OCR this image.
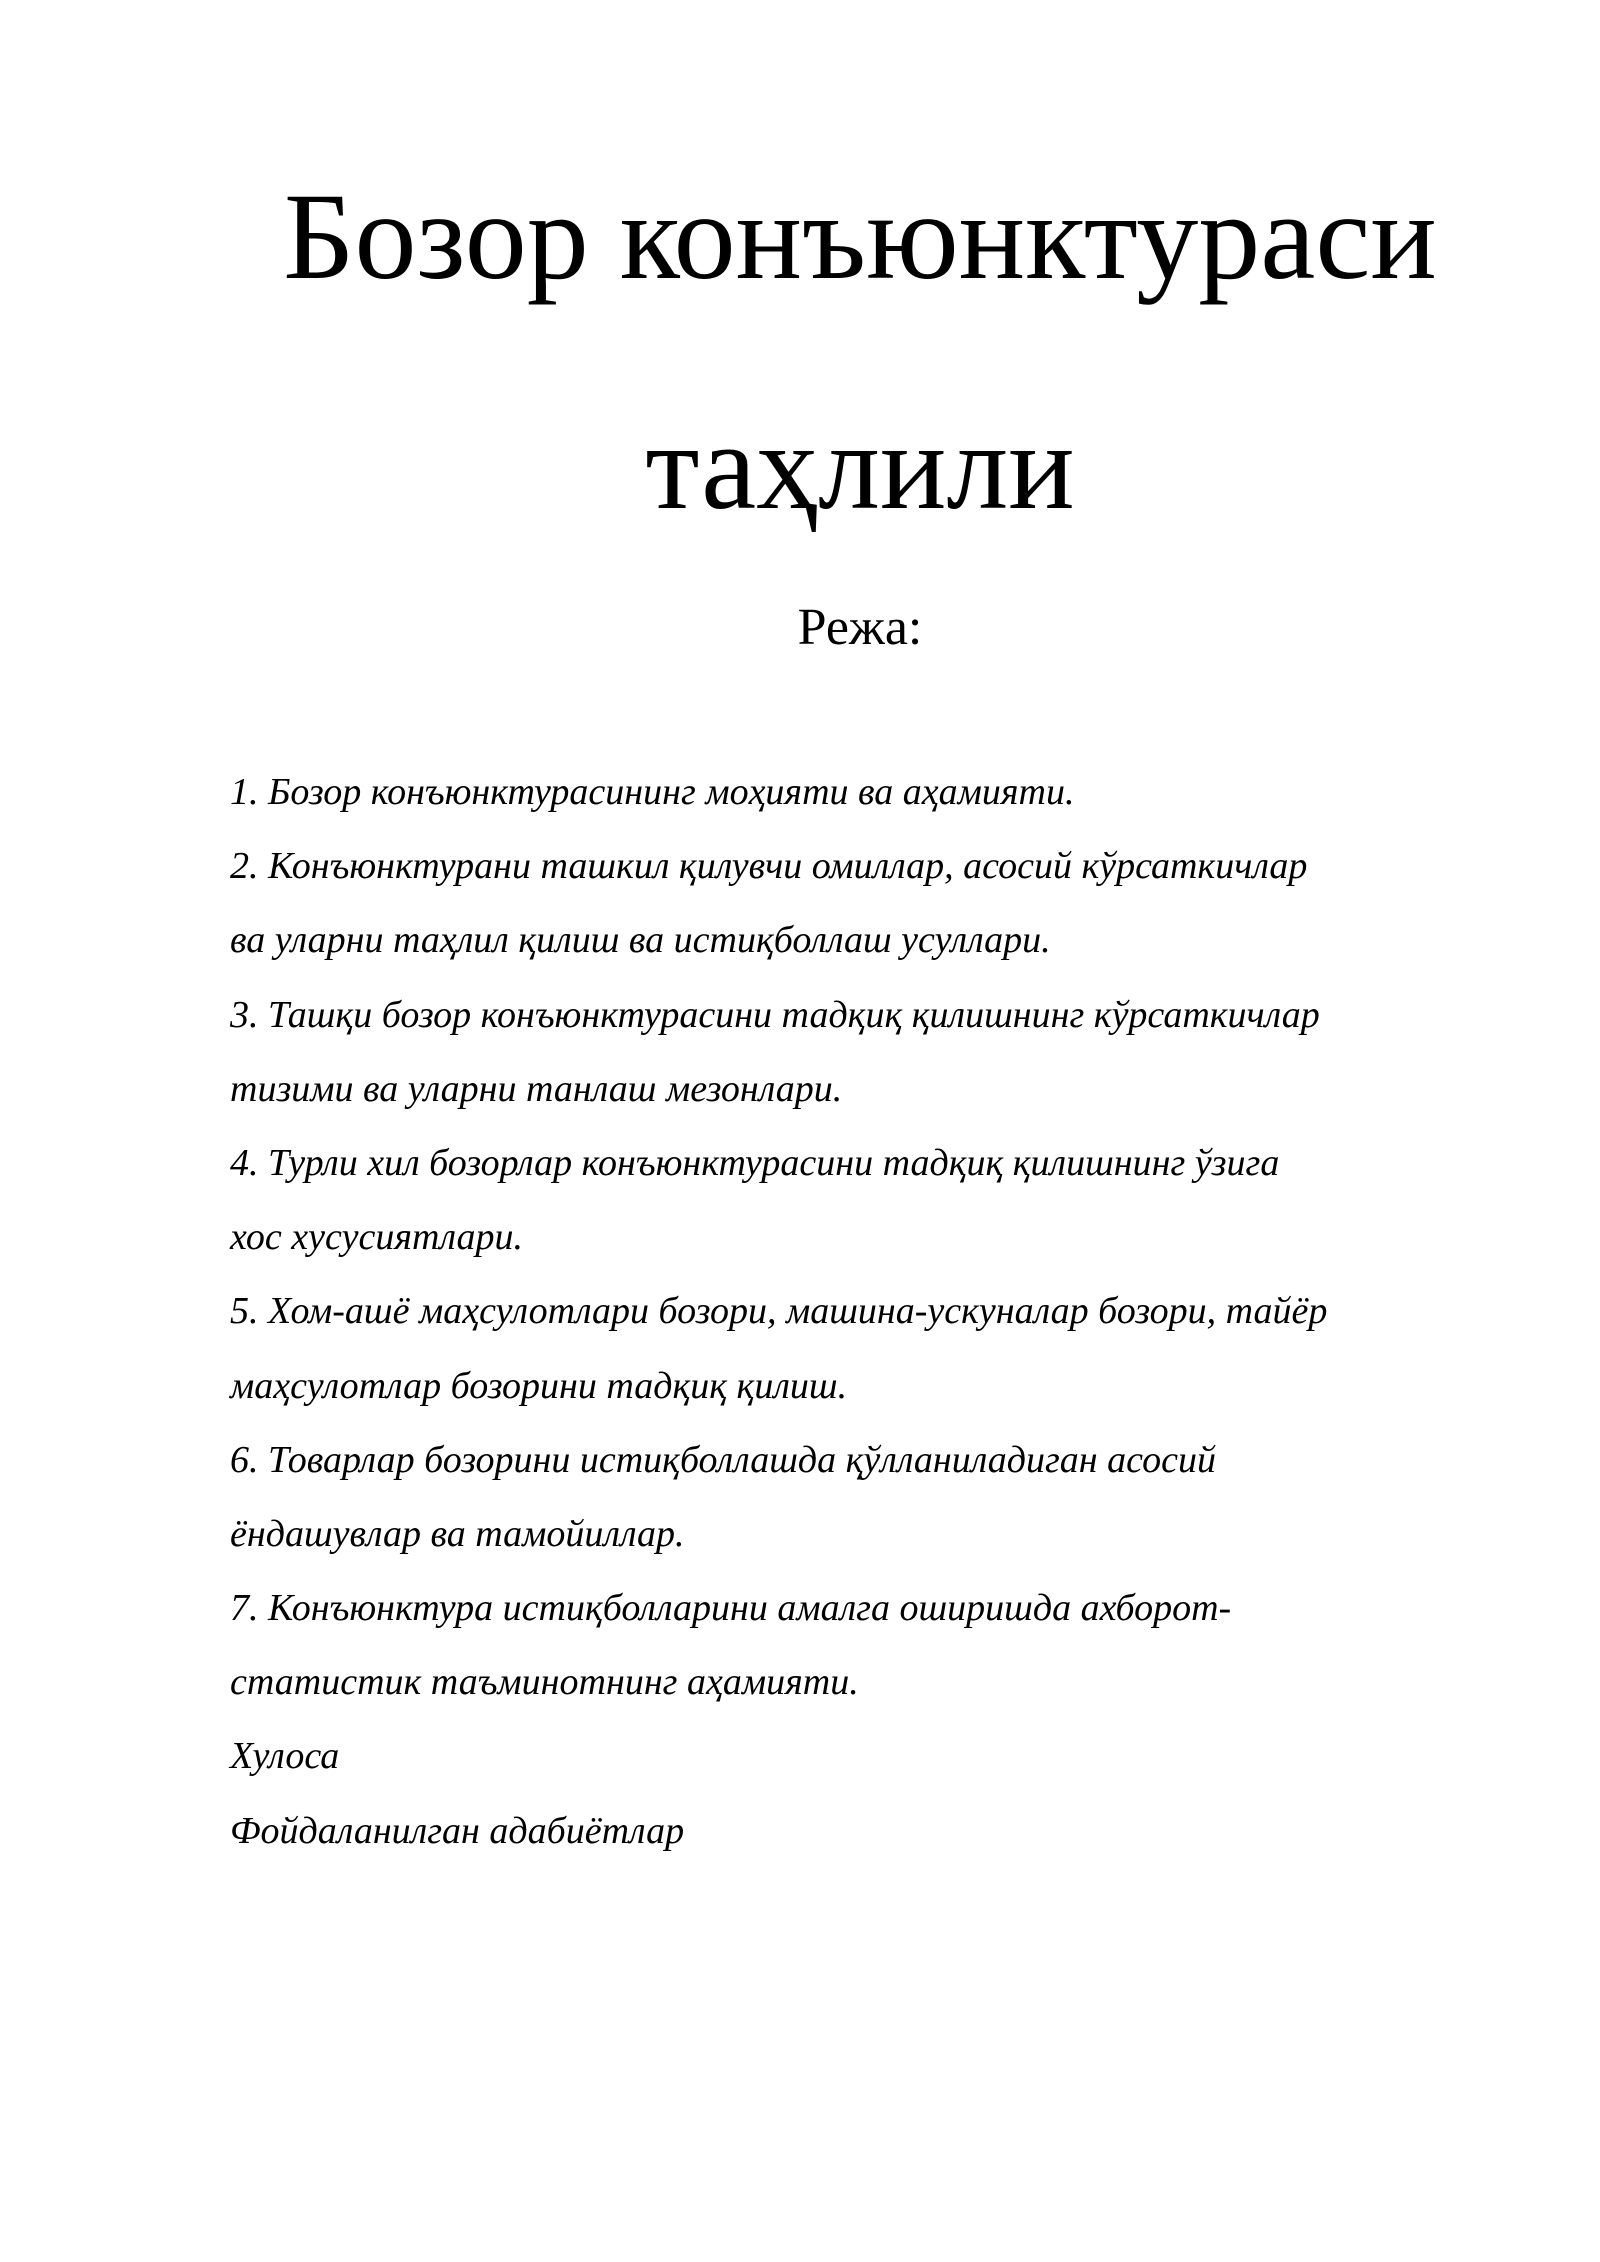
Бозор конъюнктураси
таҳлили
Режа:
1. Бозор конъюнктурасининг моҳияти ва аҳамияти.
2. Конъюнктурани ташкил қилувчи омиллар, асосий кўрсаткичлар
ва уларни таҳлил қилиш ва истиқболлаш усуллари.
3. Ташқи бозор конъюнктурасини тадқиқ қилишнинг кўрсаткичлар
тизими ва уларни танлаш мезонлари.
4. Турли хил бозорлар конъюнктурасини тадқиқ қилишнинг ўзига
хос хусусиятлари.
5. Хом-ашё маҳсулотлари бозори, машина-ускуналар бозори, тайёр
маҳсулотлар бозорини тадқиқ қилиш.
6. Товарлар бозорини истиқболлашда қўлланиладиган асосий
ёндашувлар ва тамойиллар.
7. Конъюнктура истиқболларини амалга оширишда ахборот-
статистик таъминотнинг аҳамияти.
Хулоса
Фойдаланилган адабиётлар
